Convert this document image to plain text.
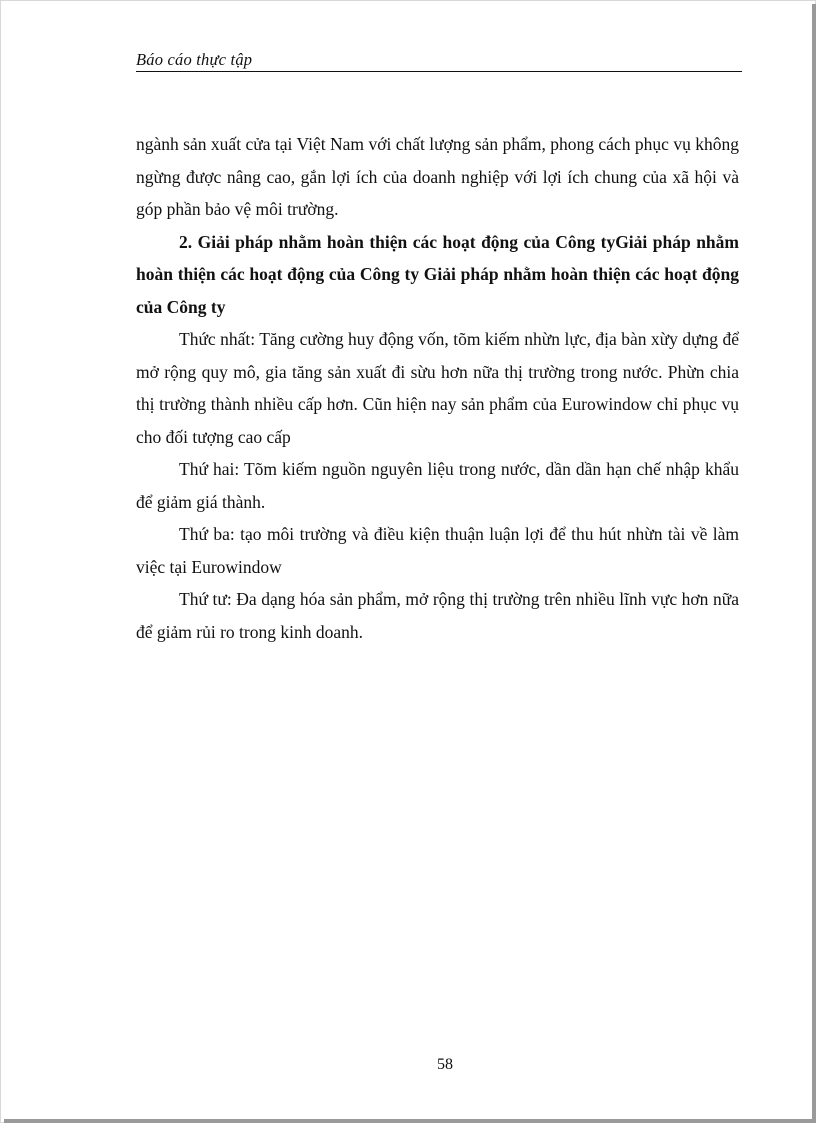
Báo cáo thực tập

ngành sản xuất cửa tại Việt Nam với chất lượng sản phẩm, phong cách phục vụ không ngừng được nâng cao, gắn lợi ích của doanh nghiệp với lợi ích chung của xã hội và góp phần bảo vệ môi trường.

2. Giải pháp nhằm hoàn thiện các hoạt động của Công tyGiải pháp nhằm hoàn thiện các hoạt động của Công ty Giải pháp nhằm hoàn thiện các hoạt động của Công ty

Thức nhất: Tăng cường huy động vốn, tõm kiếm nhừn lực, địa bàn xừy dựng để mở rộng quy mô, gia tăng sản xuất đi sừu hơn nữa thị trường trong nước. Phừn chia thị trường thành nhiều cấp hơn. Cũn hiện nay sản phẩm của Eurowindow chỉ phục vụ cho đối tượng cao cấp

Thứ hai: Tõm kiếm nguồn nguyên liệu trong nước, dần dần hạn chế nhập khẩu để giảm giá thành.

Thứ ba: tạo môi trường và điều kiện thuận luận lợi để thu hút nhừn tài về làm việc tại Eurowindow

Thứ tư: Đa dạng hóa sản phẩm, mở rộng thị trường trên nhiều lĩnh vực hơn nữa để giảm rủi ro trong kinh doanh.

58
